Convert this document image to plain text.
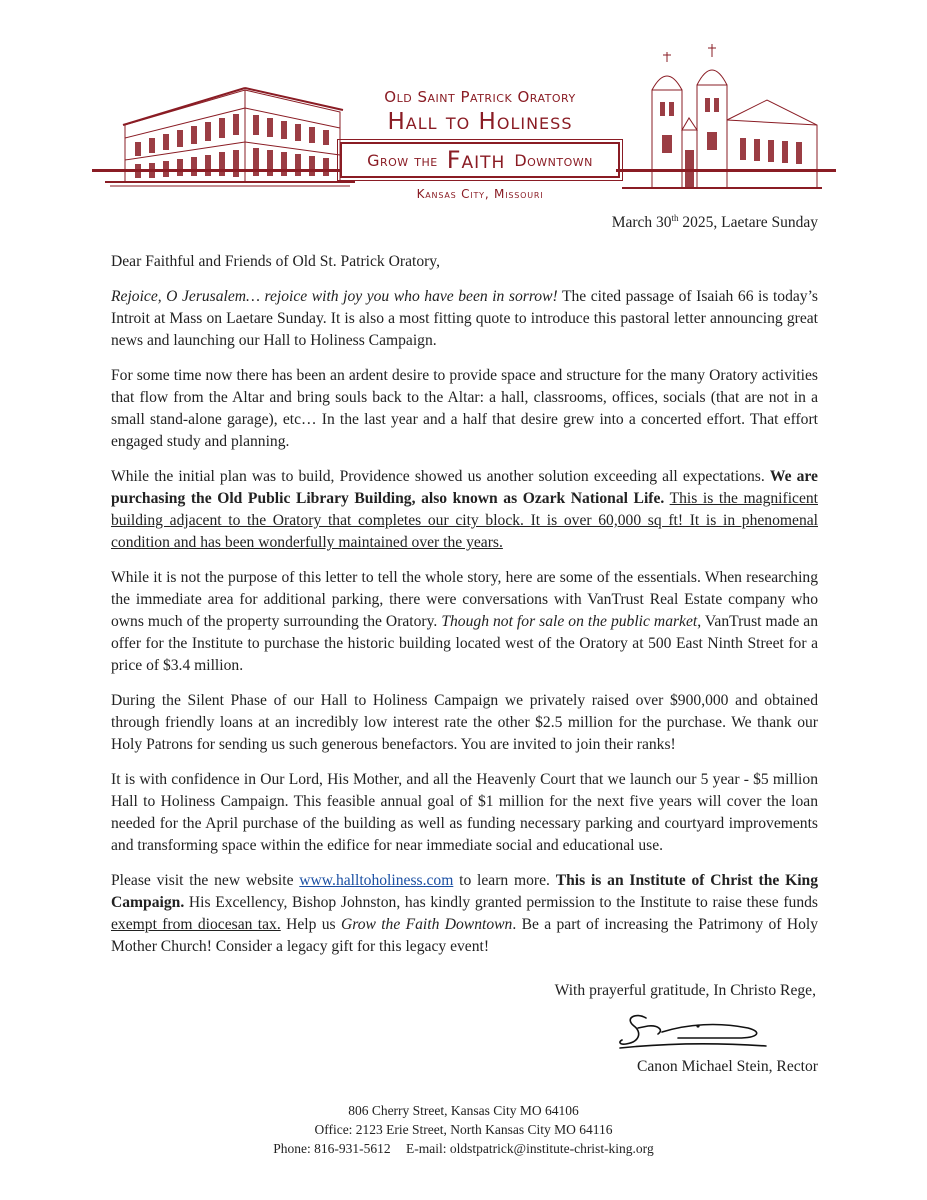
Old Saint Patrick Oratory
Hall to Holiness
Grow the Faith Downtown
Kansas City, Missouri
March 30th 2025, Laetare Sunday

Dear Faithful and Friends of Old St. Patrick Oratory,

Rejoice, O Jerusalem… rejoice with joy you who have been in sorrow! The cited passage of Isaiah 66 is today’s Introit at Mass on Laetare Sunday. It is also a most fitting quote to introduce this pastoral letter announcing great news and launching our Hall to Holiness Campaign.

For some time now there has been an ardent desire to provide space and structure for the many Oratory activities that flow from the Altar and bring souls back to the Altar: a hall, classrooms, offices, socials (that are not in a small stand-alone garage), etc… In the last year and a half that desire grew into a concerted effort. That effort engaged study and planning.

While the initial plan was to build, Providence showed us another solution exceeding all expectations. We are purchasing the Old Public Library Building, also known as Ozark National Life. This is the magnificent building adjacent to the Oratory that completes our city block. It is over 60,000 sq ft! It is in phenomenal condition and has been wonderfully maintained over the years.

While it is not the purpose of this letter to tell the whole story, here are some of the essentials. When researching the immediate area for additional parking, there were conversations with VanTrust Real Estate company who owns much of the property surrounding the Oratory. Though not for sale on the public market, VanTrust made an offer for the Institute to purchase the historic building located west of the Oratory at 500 East Ninth Street for a price of $3.4 million.

During the Silent Phase of our Hall to Holiness Campaign we privately raised over $900,000 and obtained through friendly loans at an incredibly low interest rate the other $2.5 million for the purchase. We thank our Holy Patrons for sending us such generous benefactors. You are invited to join their ranks!

It is with confidence in Our Lord, His Mother, and all the Heavenly Court that we launch our 5 year - $5 million Hall to Holiness Campaign. This feasible annual goal of $1 million for the next five years will cover the loan needed for the April purchase of the building as well as funding necessary parking and courtyard improvements and transforming space within the edifice for near immediate social and educational use.

Please visit the new website www.halltoholiness.com to learn more. This is an Institute of Christ the King Campaign. His Excellency, Bishop Johnston, has kindly granted permission to the Institute to raise these funds exempt from diocesan tax. Help us Grow the Faith Downtown. Be a part of increasing the Patrimony of Holy Mother Church! Consider a legacy gift for this legacy event!

With prayerful gratitude, In Christo Rege,
Canon Michael Stein, Rector
806 Cherry Street, Kansas City MO 64106
Office: 2123 Erie Street, North Kansas City MO 64116
Phone: 816-931-5612 E-mail: oldstpatrick@institute-christ-king.org
